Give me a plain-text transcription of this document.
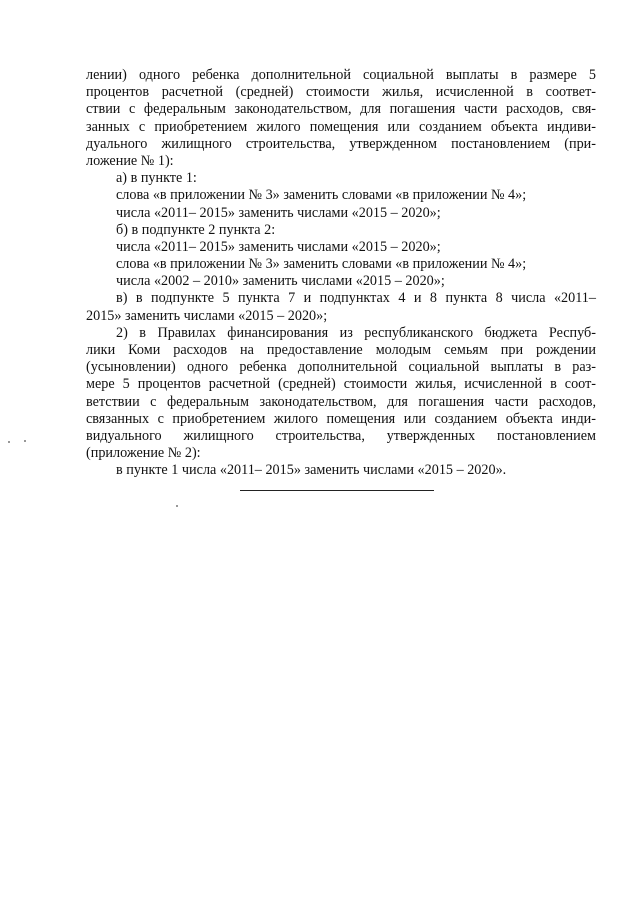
лении) одного ребенка дополнительной социальной выплаты в размере 5
процентов расчетной (средней) стоимости жилья, исчисленной в соответ-
ствии с федеральным законодательством, для погашения части расходов, свя-
занных с приобретением жилого помещения или созданием объекта индиви-
дуального жилищного строительства, утвержденном постановлением (при-
ложение № 1):
а) в пункте 1:
слова «в приложении № 3» заменить словами «в приложении № 4»;
числа «2011– 2015» заменить числами «2015 – 2020»;
б) в подпункте 2 пункта 2:
числа «2011– 2015» заменить числами «2015 – 2020»;
слова «в приложении № 3» заменить словами «в приложении № 4»;
числа «2002 – 2010» заменить числами «2015 – 2020»;
в) в подпункте 5 пункта 7 и подпунктах 4 и 8 пункта 8 числа «2011–
2015» заменить числами «2015 – 2020»;
2) в Правилах финансирования из республиканского бюджета Респуб-
лики Коми расходов на предоставление молодым семьям при рождении
(усыновлении) одного ребенка дополнительной социальной выплаты в раз-
мере 5 процентов расчетной (средней) стоимости жилья, исчисленной в соот-
ветствии с федеральным законодательством, для погашения части расходов,
связанных с приобретением жилого помещения или созданием объекта инди-
видуального жилищного строительства, утвержденных постановлением
(приложение № 2):
в пункте 1 числа «2011– 2015» заменить числами «2015 – 2020».
